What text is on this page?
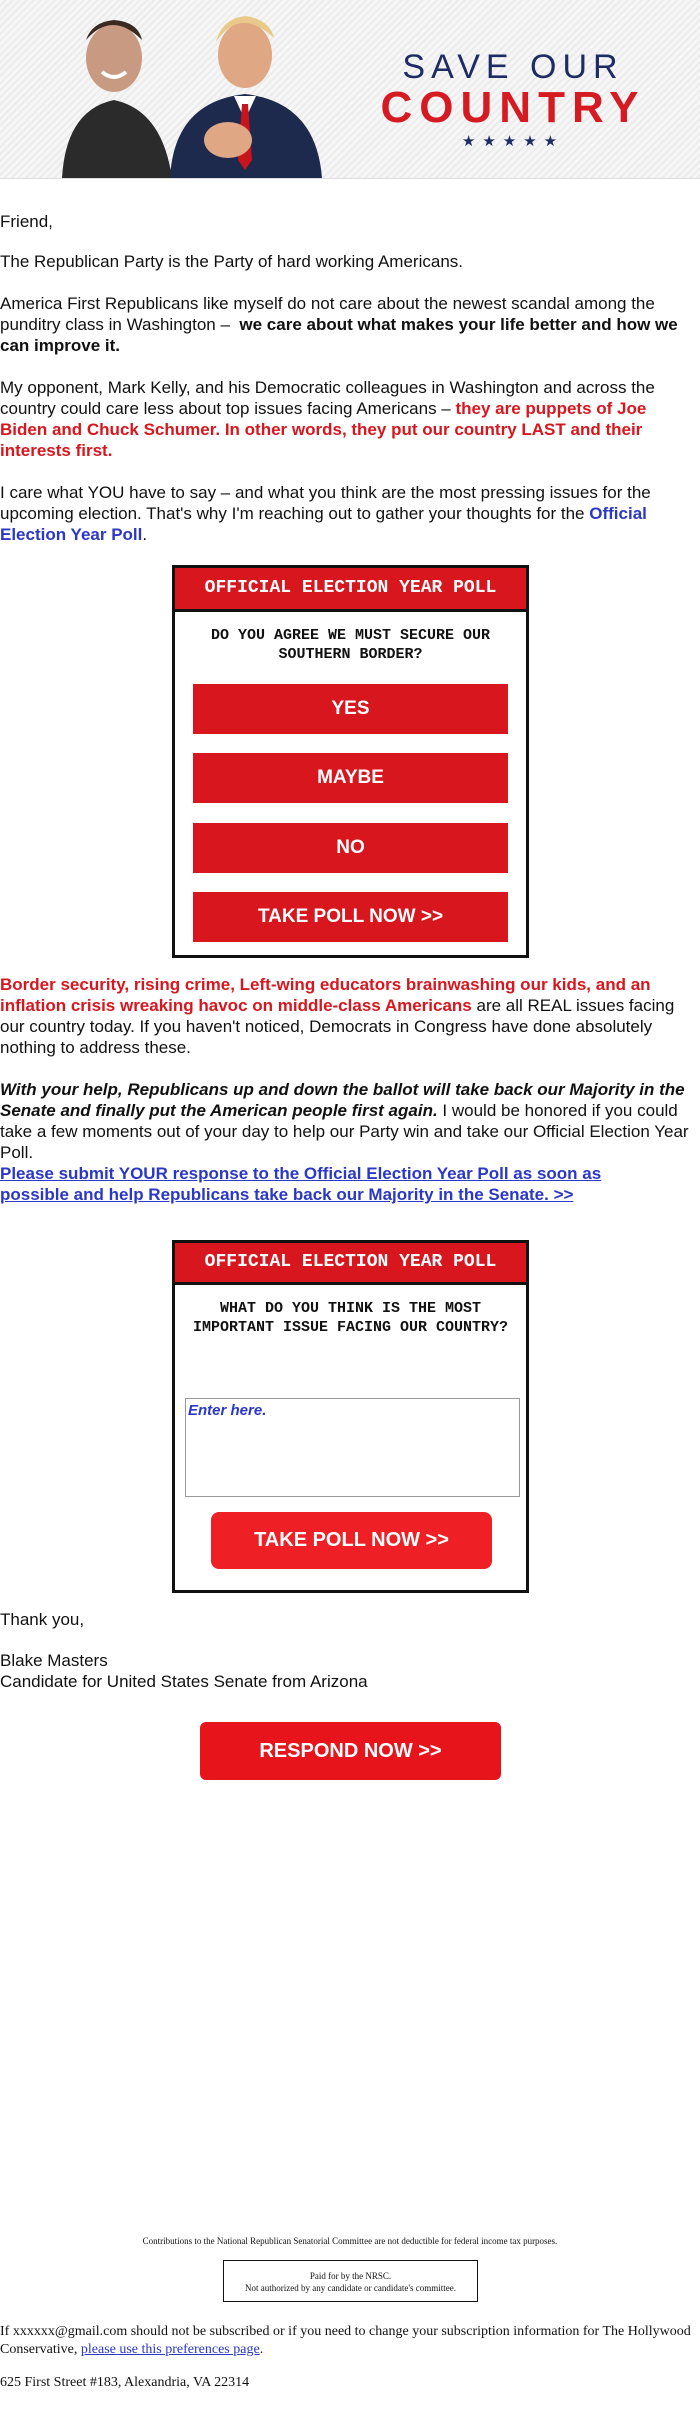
SAVE OUR
COUNTRY
★★★★★
Friend,
The Republican Party is the Party of hard working Americans.
America First Republicans like myself do not care about the newest scandal among the punditry class in Washington – we care about what makes your life better and how we can improve it.
My opponent, Mark Kelly, and his Democratic colleagues in Washington and across the country could care less about top issues facing Americans – they are puppets of Joe Biden and Chuck Schumer. In other words, they put our country LAST and their interests first.
I care what YOU have to say – and what you think are the most pressing issues for the upcoming election. That's why I'm reaching out to gather your thoughts for the Official Election Year Poll.
OFFICIAL ELECTION YEAR POLL
DO YOU AGREE WE MUST SECURE OUR SOUTHERN BORDER?
YES
MAYBE
NO
TAKE POLL NOW >>
Border security, rising crime, Left-wing educators brainwashing our kids, and an inflation crisis wreaking havoc on middle-class Americans are all REAL issues facing our country today. If you haven't noticed, Democrats in Congress have done absolutely nothing to address these.
With your help, Republicans up and down the ballot will take back our Majority in the Senate and finally put the American people first again. I would be honored if you could take a few moments out of your day to help our Party win and take our Official Election Year Poll.
Please submit YOUR response to the Official Election Year Poll as soon as possible and help Republicans take back our Majority in the Senate. >>
OFFICIAL ELECTION YEAR POLL
WHAT DO YOU THINK IS THE MOST IMPORTANT ISSUE FACING OUR COUNTRY?
Enter here.
TAKE POLL NOW >>
Thank you,
Blake Masters
Candidate for United States Senate from Arizona
RESPOND NOW >>
Contributions to the National Republican Senatorial Committee are not deductible for federal income tax purposes.
Paid for by the NRSC.
Not authorized by any candidate or candidate's committee.
If xxxxxx@gmail.com should not be subscribed or if you need to change your subscription information for The Hollywood Conservative, please use this preferences page.
625 First Street #183, Alexandria, VA 22314
